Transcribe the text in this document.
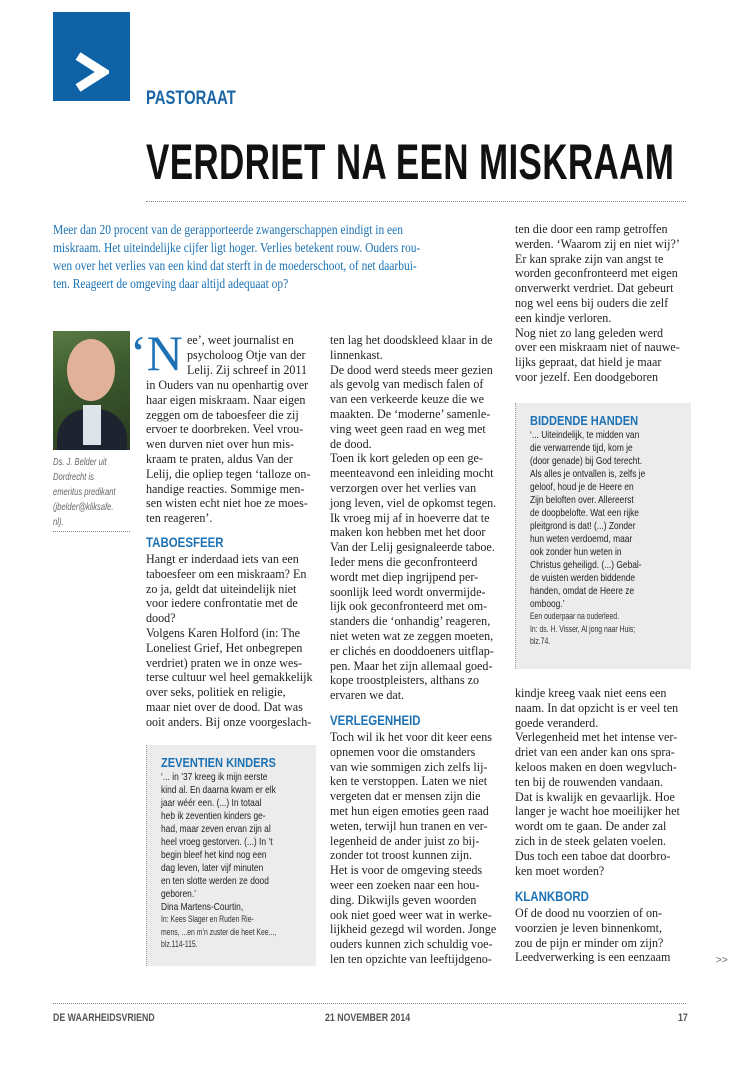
PASTORAAT
VERDRIET NA EEN MISKRAAM
Meer dan 20 procent van de gerapporteerde zwangerschappen eindigt in een
miskraam. Het uiteindelijke cijfer ligt hoger. Verlies betekent rouw. Ouders rou-
wen over het verlies van een kind dat sterft in de moederschoot, of net daarbui-
ten. Reageert de omgeving daar altijd adequaat op?
Ds. J. Belder uit
Dordrecht is
emeritus predikant
(jbelder@kliksafe.
nl).
‘N ee’, weet journalist en
psycholoog Otje van der
Lelij. Zij schreef in 2011
in Ouders van nu openhartig over
haar eigen miskraam. Naar eigen
zeggen om de taboesfeer die zij
ervoer te doorbreken. Veel vrou-
wen durven niet over hun mis-
kraam te praten, aldus Van der
Lelij, die opliep tegen ‘talloze on-
handige reacties. Sommige men-
sen wisten echt niet hoe ze moes-
ten reageren’.
TABOESFEER
Hangt er inderdaad iets van een
taboesfeer om een miskraam? En
zo ja, geldt dat uiteindelijk niet
voor iedere confrontatie met de
dood?
Volgens Karen Holford (in: The
Loneliest Grief, Het onbegrepen
verdriet) praten we in onze wes-
terse cultuur wel heel gemakkelijk
over seks, politiek en religie,
maar niet over de dood. Dat was
ooit anders. Bij onze voorgeslach-
ZEVENTIEN KINDERS
‘... in ’37 kreeg ik mijn eerste
kind al. En daarna kwam er elk
jaar wéér een. (...) In totaal
heb ik zeventien kinders ge-
had, maar zeven ervan zijn al
heel vroeg gestorven. (...) In ’t
begin bleef het kind nog een
dag leven, later vijf minuten
en ten slotte werden ze dood
geboren.’
Dina Martens-Courtin,
In: Kees Slager en Ruden Rie-
mens, ...en m’n zuster die heet Kee...,
blz.114-115.
ten lag het doodskleed klaar in de
linnenkast.
De dood werd steeds meer gezien
als gevolg van medisch falen of
van een verkeerde keuze die we
maakten. De ‘moderne’ samenle-
ving weet geen raad en weg met
de dood.
Toen ik kort geleden op een ge-
meenteavond een inleiding mocht
verzorgen over het verlies van
jong leven, viel de opkomst tegen.
Ik vroeg mij af in hoeverre dat te
maken kon hebben met het door
Van der Lelij gesignaleerde taboe.
Ieder mens die geconfronteerd
wordt met diep ingrijpend per-
soonlijk leed wordt onvermijde-
lijk ook geconfronteerd met om-
standers die ‘onhandig’ reageren,
niet weten wat ze zeggen moeten,
er clichés en dooddoeners uitflap-
pen. Maar het zijn allemaal goed-
kope troostpleisters, althans zo
ervaren we dat.
VERLEGENHEID
Toch wil ik het voor dit keer eens
opnemen voor die omstanders
van wie sommigen zich zelfs lij-
ken te verstoppen. Laten we niet
vergeten dat er mensen zijn die
met hun eigen emoties geen raad
weten, terwijl hun tranen en ver-
legenheid de ander juist zo bij-
zonder tot troost kunnen zijn.
Het is voor de omgeving steeds
weer een zoeken naar een hou-
ding. Dikwijls geven woorden
ook niet goed weer wat in werke-
lijkheid gezegd wil worden. Jonge
ouders kunnen zich schuldig voe-
len ten opzichte van leeftijdgeno-
ten die door een ramp getroffen
werden. ‘Waarom zij en niet wij?’
Er kan sprake zijn van angst te
worden geconfronteerd met eigen
onverwerkt verdriet. Dat gebeurt
nog wel eens bij ouders die zelf
een kindje verloren.
Nog niet zo lang geleden werd
over een miskraam niet of nauwe-
lijks gepraat, dat hield je maar
voor jezelf. Een doodgeboren
BIDDENDE HANDEN
‘... Uiteindelijk, te midden van
die verwarrende tijd, kom je
(door genade) bij God terecht.
Als alles je ontvallen is, zelfs je
geloof, houd je de Heere en
Zijn beloften over. Allereerst
de doopbelofte. Wat een rijke
pleitgrond is dat! (...) Zonder
hun weten verdoemd, maar
ook zonder hun weten in
Christus geheiligd. (...) Gebal-
de vuisten werden biddende
handen, omdat de Heere ze
omboog.’
Een ouderpaar na ouderleed.
In: ds. H. Visser, Al jong naar Huis;
blz.74.
kindje kreeg vaak niet eens een
naam. In dat opzicht is er veel ten
goede veranderd.
Verlegenheid met het intense ver-
driet van een ander kan ons spra-
keloos maken en doen wegvluch-
ten bij de rouwenden vandaan.
Dat is kwalijk en gevaarlijk. Hoe
langer je wacht hoe moeilijker het
wordt om te gaan. De ander zal
zich in de steek gelaten voelen.
Dus toch een taboe dat doorbro-
ken moet worden?
KLANKBORD
Of de dood nu voorzien of on-
voorzien je leven binnenkomt,
zou de pijn er minder om zijn?
Leedverwerking is een eenzaam	>>
DE WAARHEIDSVRIEND	21 NOVEMBER 2014	17
